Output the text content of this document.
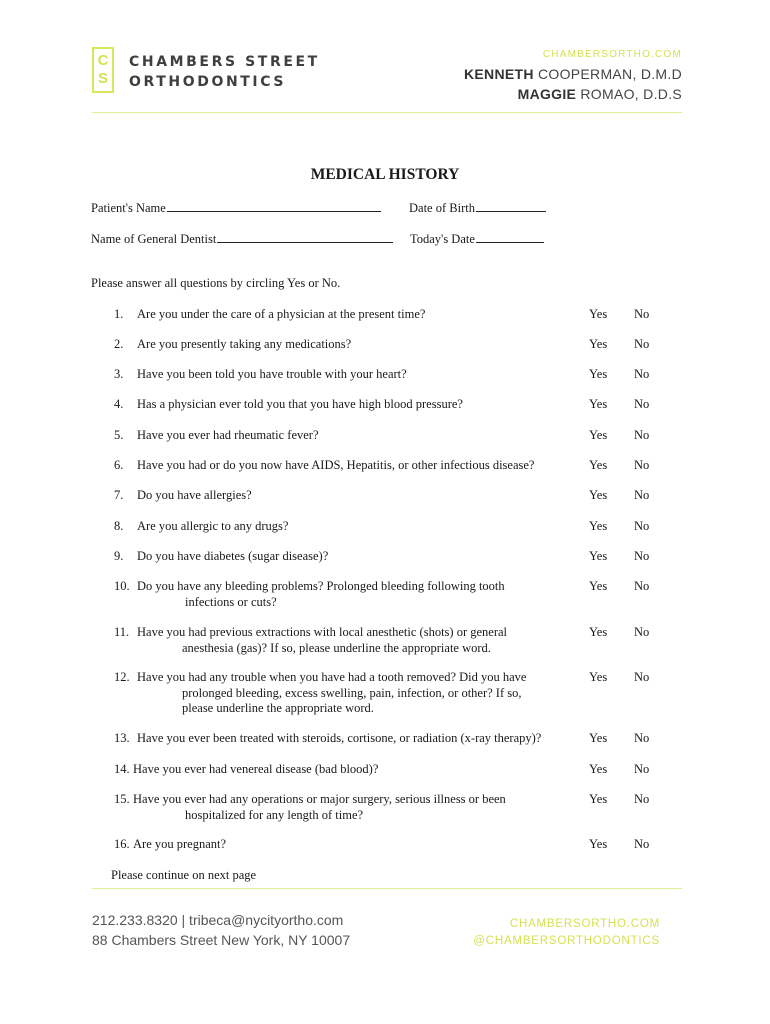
C
S
CHAMBERS STREET
ORTHODONTICS
CHAMBERSORTHO.COM
KENNETH COOPERMAN, D.M.D
MAGGIE ROMAO, D.D.S
MEDICAL HISTORY
Patient's Name	Date of Birth
Name of General Dentist	Today's Date
Please answer all questions by circling Yes or No.
1. Are you under the care of a physician at the present time?	Yes No
2. Are you presently taking any medications?	Yes No
3. Have you been told you have trouble with your heart?	Yes No
4. Has a physician ever told you that you have high blood pressure?	Yes No
5. Have you ever had rheumatic fever?	Yes No
6. Have you had or do you now have AIDS, Hepatitis, or other infectious disease?	Yes No
7. Do you have allergies?	Yes No
8. Are you allergic to any drugs?	Yes No
9. Do you have diabetes (sugar disease)?	Yes No
10. Do you have any bleeding problems? Prolonged bleeding following tooth
infections or cuts?
Yes No
11. Have you had previous extractions with local anesthetic (shots) or general
anesthesia (gas)? If so, please underline the appropriate word.
Yes No
12. Have you had any trouble when you have had a tooth removed? Did you have
prolonged bleeding, excess swelling, pain, infection, or other? If so,
please underline the appropriate word.
Yes No
13. Have you ever been treated with steroids, cortisone, or radiation (x-ray therapy)?	Yes No
14. Have you ever had venereal disease (bad blood)?	Yes No
15. Have you ever had any operations or major surgery, serious illness or been
hospitalized for any length of time?
Yes No
16. Are you pregnant?	Yes No
Please continue on next page
212.233.8320 | tribeca@nycityortho.com
88 Chambers Street New York, NY 10007
CHAMBERSORTHO.COM
@CHAMBERSORTHODONTICS
